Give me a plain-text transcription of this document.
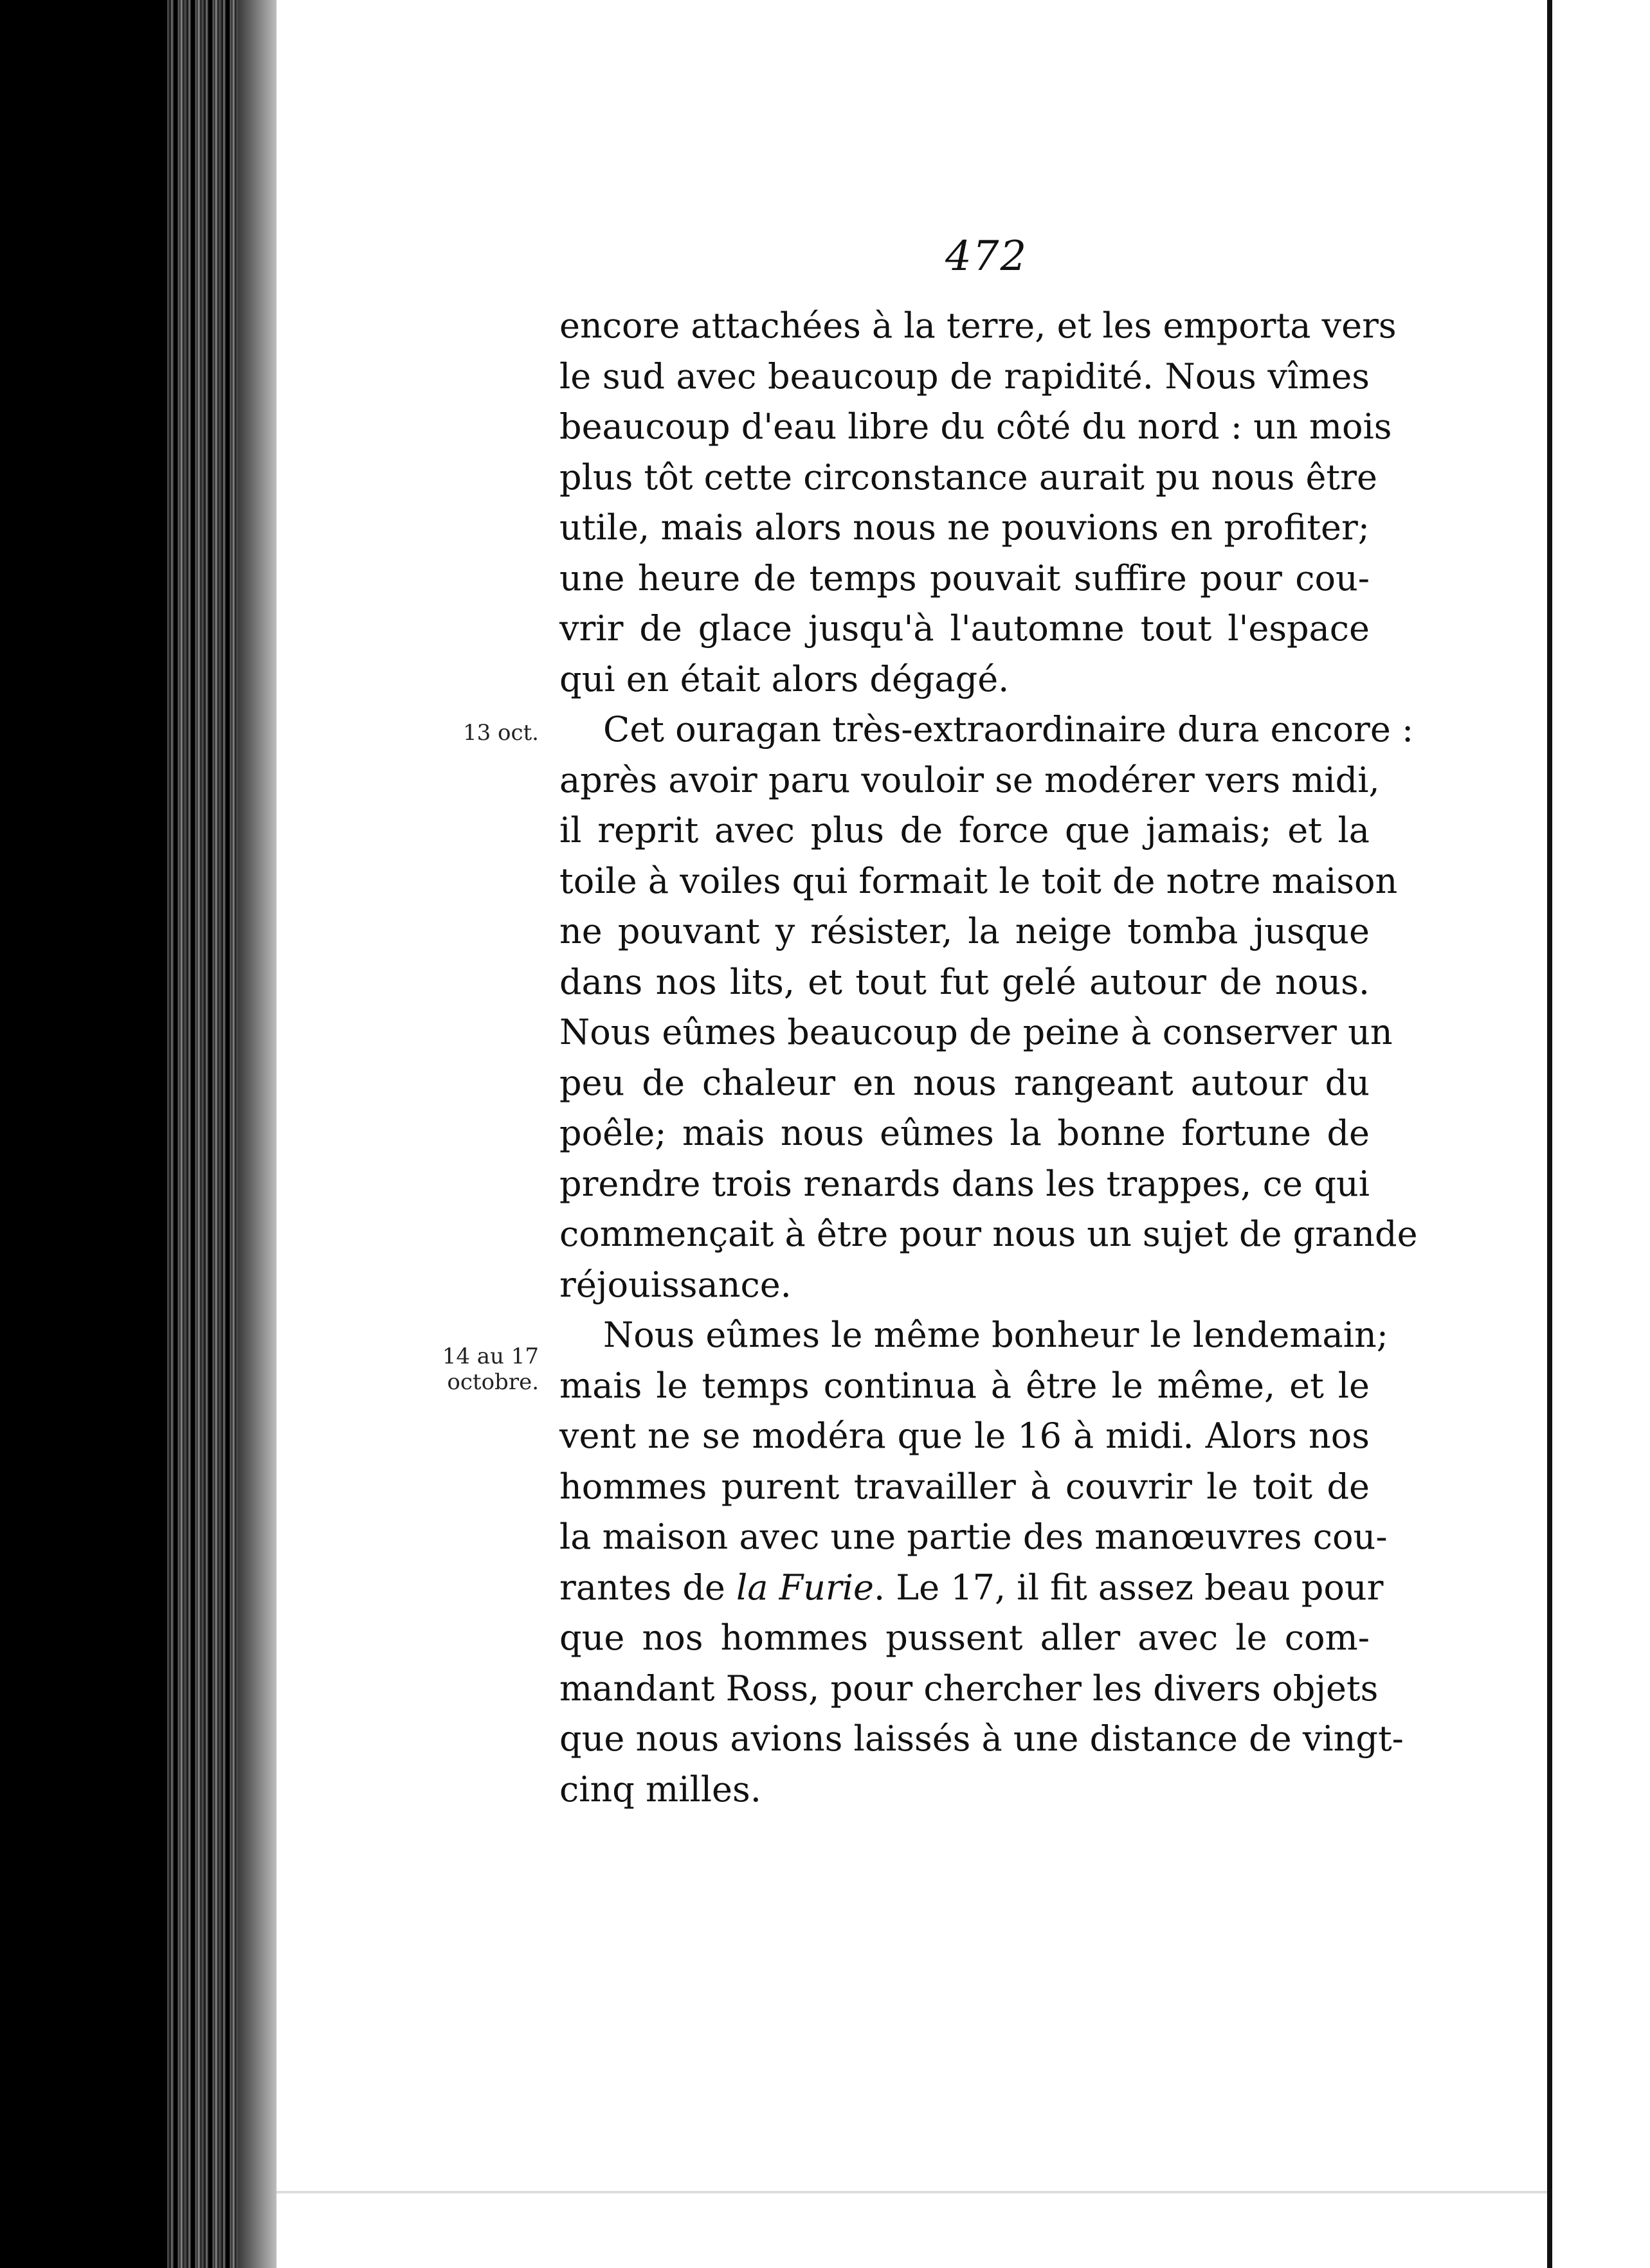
472
13 oct.
14 au 17
octobre.
encore attachées à la terre, et les emporta vers
le sud avec beaucoup de rapidité. Nous vîmes
beaucoup d'eau libre du côté du nord : un mois
plus tôt cette circonstance aurait pu nous être
utile, mais alors nous ne pouvions en profiter;
une heure de temps pouvait suffire pour cou-
vrir de glace jusqu'à l'automne tout l'espace
qui en était alors dégagé.
Cet ouragan très-extraordinaire dura encore :
après avoir paru vouloir se modérer vers midi,
il reprit avec plus de force que jamais; et la
toile à voiles qui formait le toit de notre maison
ne pouvant y résister, la neige tomba jusque
dans nos lits, et tout fut gelé autour de nous.
Nous eûmes beaucoup de peine à conserver un
peu de chaleur en nous rangeant autour du
poêle; mais nous eûmes la bonne fortune de
prendre trois renards dans les trappes, ce qui
commençait à être pour nous un sujet de grande
réjouissance.
Nous eûmes le même bonheur le lendemain;
mais le temps continua à être le même, et le
vent ne se modéra que le 16 à midi. Alors nos
hommes purent travailler à couvrir le toit de
la maison avec une partie des manœuvres cou-
rantes de la Furie. Le 17, il fit assez beau pour
que nos hommes pussent aller avec le com-
mandant Ross, pour chercher les divers objets
que nous avions laissés à une distance de vingt-
cinq milles.
